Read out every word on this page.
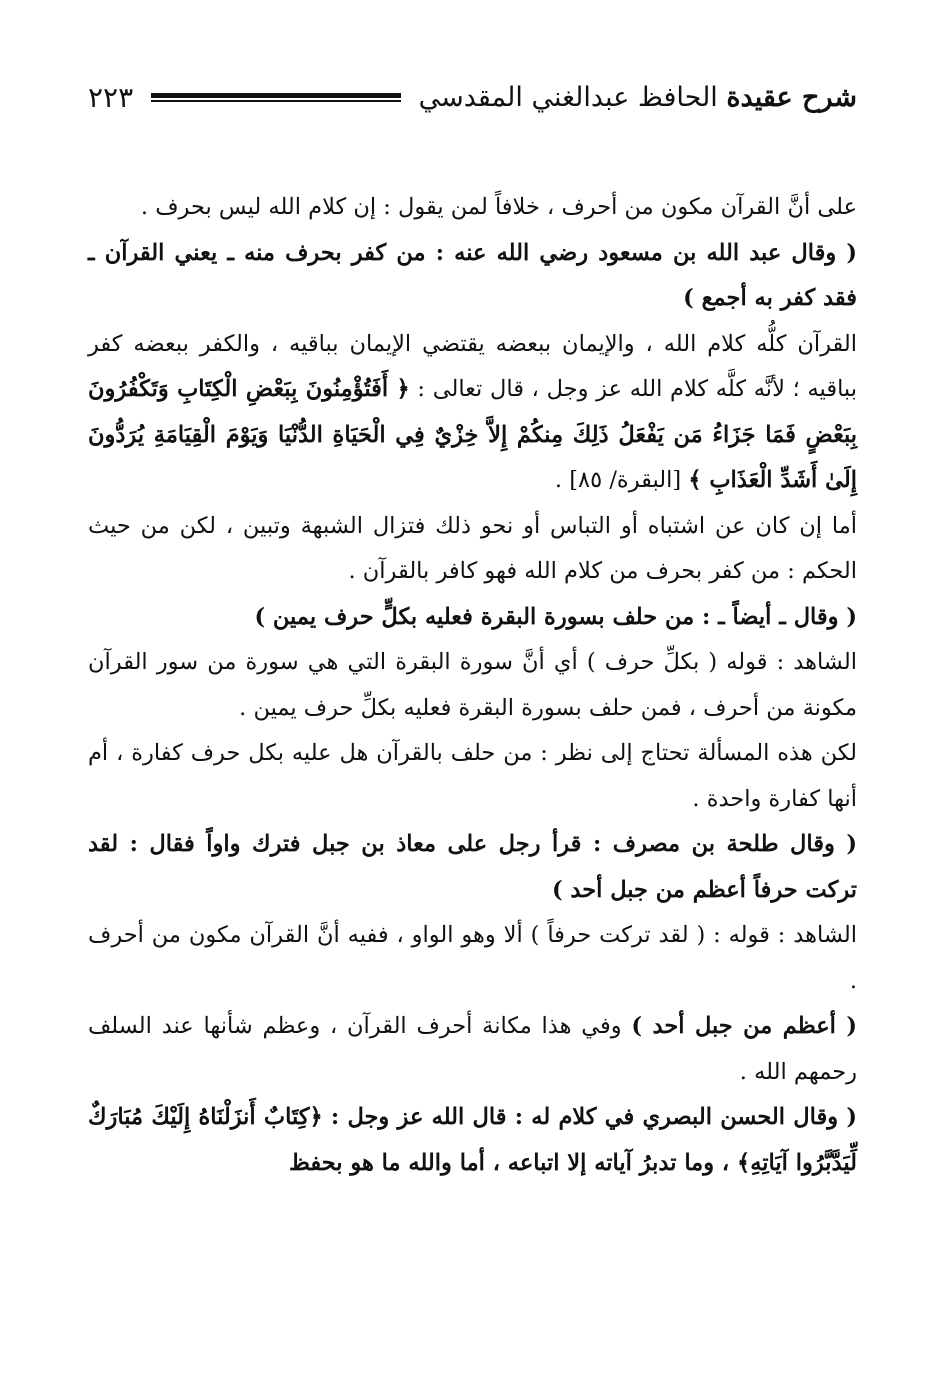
شرح عقيدة الحافظ عبدالغني المقدسي
٢٢٣

على أنَّ القرآن مكون من أحرف ، خلافاً لمن يقول : إن كلام الله ليس بحرف .

( وقال عبد الله بن مسعود رضي الله عنه : من كفر بحرف منه ـ يعني القرآن ـ فقد كفر به أجمع )

القرآن كلُّه كلام الله ، والإيمان ببعضه يقتضي الإيمان بباقيه ، والكفر ببعضه كفر بباقيه ؛ لأنَّه كلَّه كلام الله عز وجل ، قال تعالى : ﴿ أَفَتُؤْمِنُونَ بِبَعْضِ الْكِتَابِ وَتَكْفُرُونَ بِبَعْضٍ فَمَا جَزَاءُ مَن يَفْعَلُ ذَلِكَ مِنكُمْ إِلاَّ خِزْيٌ فِي الْحَيَاةِ الدُّنْيَا وَيَوْمَ الْقِيَامَةِ يُرَدُّونَ إِلَىٰ أَشَدِّ الْعَذَابِ ﴾ [البقرة/ ٨٥] .

أما إن كان عن اشتباه أو التباس أو نحو ذلك فتزال الشبهة وتبين ، لكن من حيث الحكم : من كفر بحرف من كلام الله فهو كافر بالقرآن .

( وقال ـ أيضاً ـ : من حلف بسورة البقرة فعليه بكلٍّ حرف يمين )

الشاهد : قوله ( بكلِّ حرف ) أي أنَّ سورة البقرة التي هي سورة من سور القرآن مكونة من أحرف ، فمن حلف بسورة البقرة فعليه بكلِّ حرف يمين .

لكن هذه المسألة تحتاج إلى نظر : من حلف بالقرآن هل عليه بكل حرف كفارة ، أم أنها كفارة واحدة .

( وقال طلحة بن مصرف : قرأ رجل على معاذ بن جبل فترك واواً فقال : لقد تركت حرفاً أعظم من جبل أحد )

الشاهد : قوله : ( لقد تركت حرفاً ) ألا وهو الواو ، ففيه أنَّ القرآن مكون من أحرف .

( أعظم من جبل أحد ) وفي هذا مكانة أحرف القرآن ، وعظم شأنها عند السلف رحمهم الله .

( وقال الحسن البصري في كلام له : قال الله عز وجل : ﴿كِتَابٌ أَنزَلْنَاهُ إِلَيْكَ مُبَارَكٌ لِّيَدَّبَّرُوا آيَاتِهِ﴾ ، وما تدبرُ آياته إلا اتباعه ، أما والله ما هو بحفظ
